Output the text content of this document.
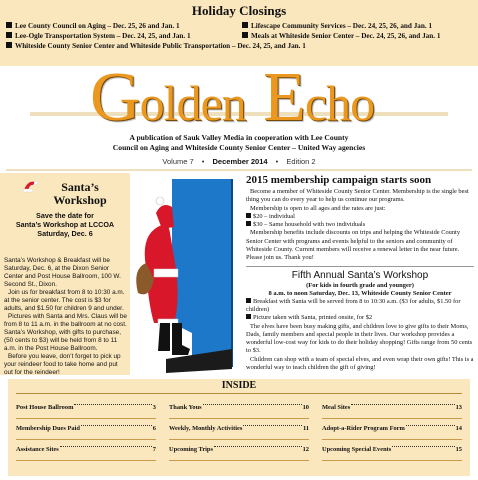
Holiday Closings
Lee County Council on Aging – Dec. 25, 26 and Jan. 1	Lifescape Community Services – Dec. 24, 25, 26, and Jan. 1
Lee-Ogle Transportation System – Dec. 24, 25, and Jan. 1	Meals at Whiteside Senior Center – Dec. 24, 25, 26, and Jan. 1
Whiteside County Senior Center and Whiteside Public Transportation – Dec. 24, 25, and Jan. 1
Golden Echo
A publication of Sauk Valley Media in cooperation with Lee County
Council on Aging and Whiteside County Senior Center – United Way agencies
Volume 7 • December 2014 • Edition 2
Santa’s
Workshop
Save the date for
Santa’s Workshop at LCCOA
Saturday, Dec. 6

Santa’s Workshop & Breakfast will be Saturday, Dec. 6, at the Dixon Senior Center and Post House Ballroom, 100 W. Second St., Dixon.

Join us for breakfast from 8 to 10:30 a.m. at the senior center. The cost is $3 for adults, and $1.50 for children 9 and under.

Pictures with Santa and Mrs. Claus will be from 8 to 11 a.m. in the ballroom at no cost. Santa’s Workshop, with gifts to purchase, (50 cents to $3) will be held from 8 to 11 a.m. in the Post House Ballroom.

Before you leave, don’t forget to pick up your reindeer food to take home and put out for the reindeer!

2015 membership campaign starts soon
Become a member of Whiteside County Senior Center. Membership is the single best thing you can do every year to help us continue our programs.
Membership is open to all ages and the rates are just:
$20 – individual
$30 – Same household with two individuals
Membership benefits include discounts on trips and helping the Whiteside County Senior Center with programs and events helpful to the seniors and community of Whiteside County. Current members will receive a renewal letter in the near future. Please join us. Thank you!
Fifth Annual Santa’s Workshop
(For kids in fourth grade and younger)
8 a.m. to noon Saturday, Dec. 13, Whiteside County Senior Center
Breakfast with Santa will be served from 8 to 10:30 a.m. ($3 for adults, $1.50 for children)
Picture taken with Santa, printed onsite, for $2
The elves have been busy making gifts, and children love to give gifts to their Moms, Dads, family members and special people in their lives. Our workshop provides a wonderful low-cost way for kids to do their holiday shopping! Gifts range from 50 cents to $3.
Children can shop with a team of special elves, and even wrap their own gifts! This is a wonderful way to teach children the gift of giving!
INSIDE
Post House Ballroom	3 Thank Yous	10 Meal Sites	13
Membership Dues Paid	6 Weekly, Monthly Activities	11 Adopt-a-Rider Program Form	14
Assistance Sites	7 Upcoming Trips	12 Upcoming Special Events	15
